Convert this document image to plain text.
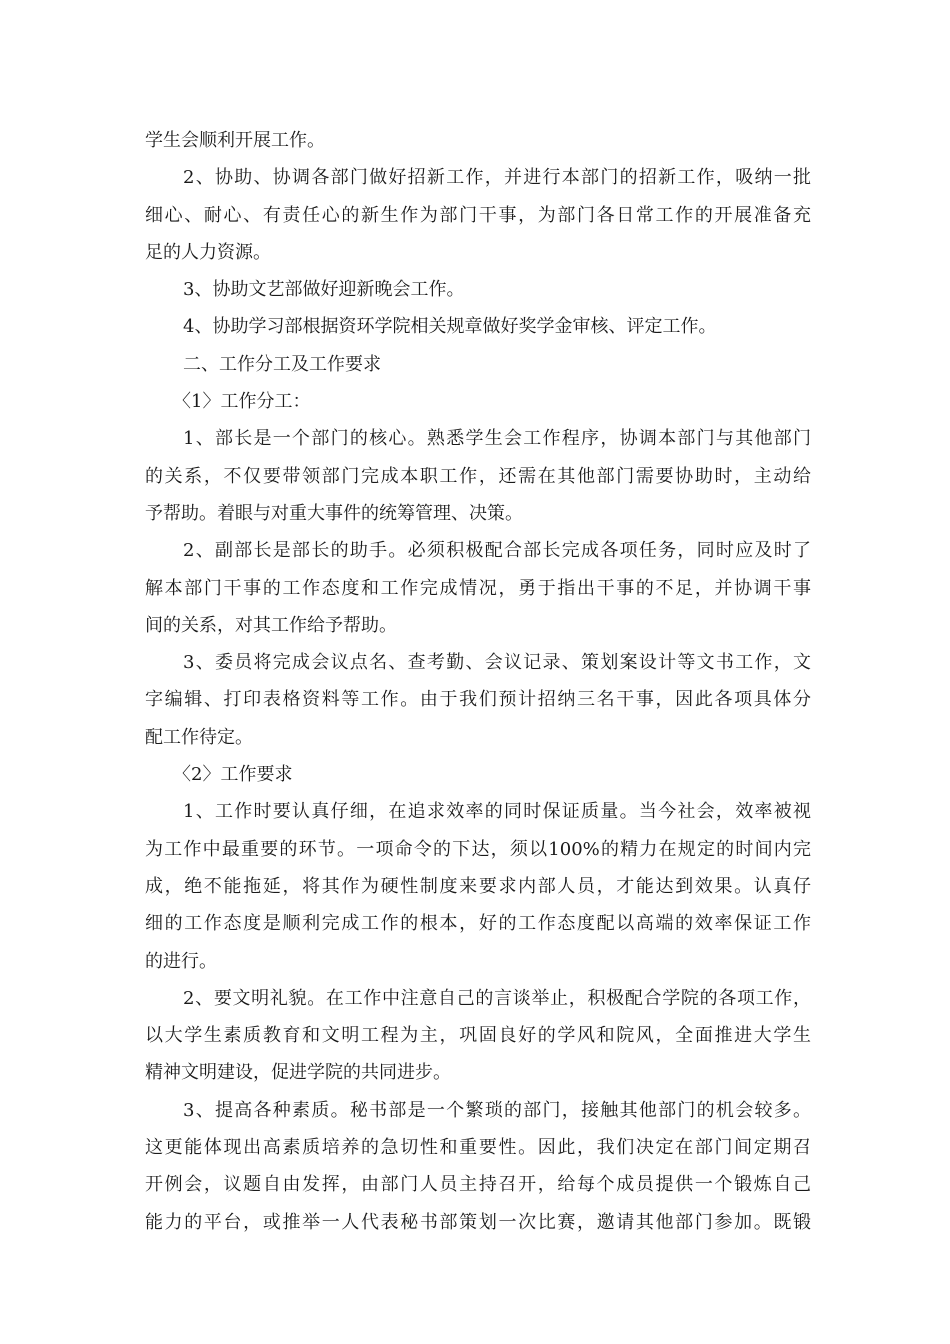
学生会顺利开展工作。
2、协助、协调各部门做好招新工作，并进行本部门的招新工作，吸纳一批
细心、耐心、有责任心的新生作为部门干事，为部门各日常工作的开展准备充
足的人力资源。
3、协助文艺部做好迎新晚会工作。
4、协助学习部根据资环学院相关规章做好奖学金审核、评定工作。
二、工作分工及工作要求
〈1〉工作分工：
1、部长是一个部门的核心。熟悉学生会工作程序，协调本部门与其他部门
的关系，不仅要带领部门完成本职工作，还需在其他部门需要协助时，主动给
予帮助。着眼与对重大事件的统筹管理、决策。
2、副部长是部长的助手。必须积极配合部长完成各项任务，同时应及时了
解本部门干事的工作态度和工作完成情况，勇于指出干事的不足，并协调干事
间的关系，对其工作给予帮助。
3、委员将完成会议点名、查考勤、会议记录、策划案设计等文书工作，文
字编辑、打印表格资料等工作。由于我们预计招纳三名干事，因此各项具体分
配工作待定。
〈2〉工作要求
1、工作时要认真仔细，在追求效率的同时保证质量。当今社会，效率被视
为工作中最重要的环节。一项命令的下达，须以100%的精力在规定的时间内完
成，绝不能拖延，将其作为硬性制度来要求内部人员，才能达到效果。认真仔
细的工作态度是顺利完成工作的根本，好的工作态度配以高端的效率保证工作
的进行。
2、要文明礼貌。在工作中注意自己的言谈举止，积极配合学院的各项工作，
以大学生素质教育和文明工程为主，巩固良好的学风和院风，全面推进大学生
精神文明建设，促进学院的共同进步。
3、提高各种素质。秘书部是一个繁琐的部门，接触其他部门的机会较多。
这更能体现出高素质培养的急切性和重要性。因此，我们决定在部门间定期召
开例会，议题自由发挥，由部门人员主持召开，给每个成员提供一个锻炼自己
能力的平台，或推举一人代表秘书部策划一次比赛，邀请其他部门参加。既锻
